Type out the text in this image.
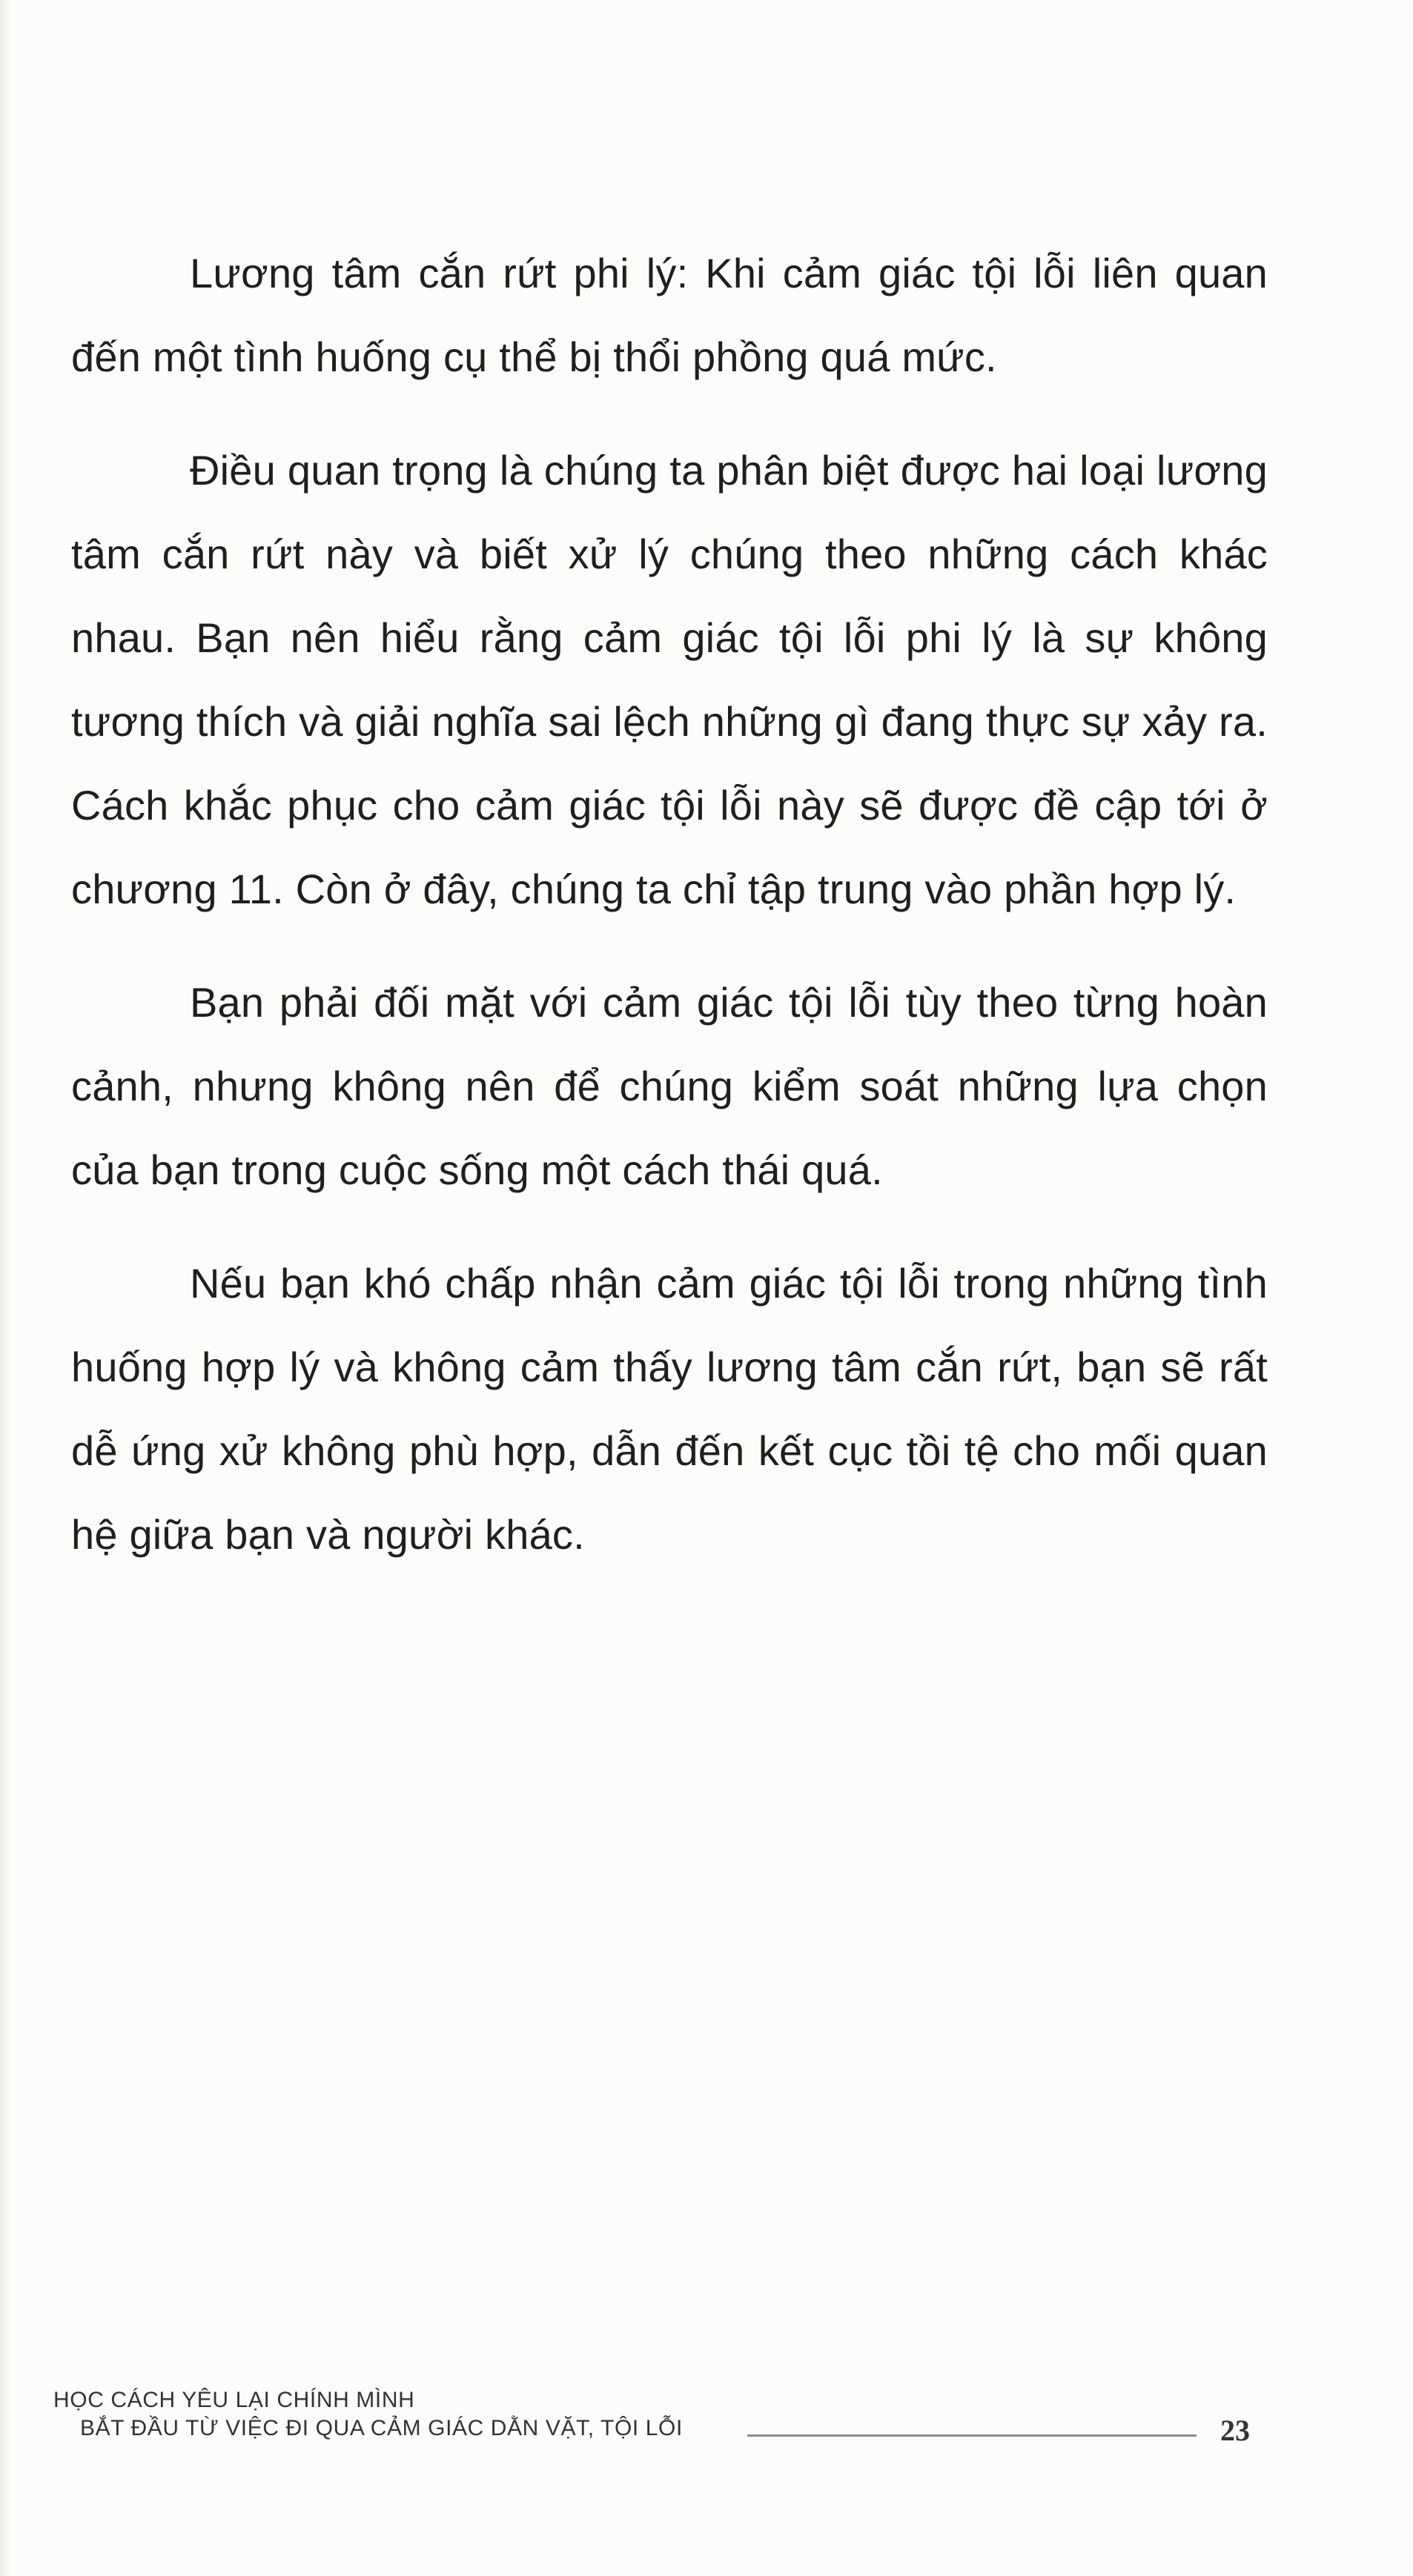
Lương tâm cắn rứt phi lý: Khi cảm giác tội lỗi liên quan đến một tình huống cụ thể bị thổi phồng quá mức.

Điều quan trọng là chúng ta phân biệt được hai loại lương tâm cắn rứt này và biết xử lý chúng theo những cách khác nhau. Bạn nên hiểu rằng cảm giác tội lỗi phi lý là sự không tương thích và giải nghĩa sai lệch những gì đang thực sự xảy ra. Cách khắc phục cho cảm giác tội lỗi này sẽ được đề cập tới ở chương 11. Còn ở đây, chúng ta chỉ tập trung vào phần hợp lý.

Bạn phải đối mặt với cảm giác tội lỗi tùy theo từng hoàn cảnh, nhưng không nên để chúng kiểm soát những lựa chọn của bạn trong cuộc sống một cách thái quá.

Nếu bạn khó chấp nhận cảm giác tội lỗi trong những tình huống hợp lý và không cảm thấy lương tâm cắn rứt, bạn sẽ rất dễ ứng xử không phù hợp, dẫn đến kết cục tồi tệ cho mối quan hệ giữa bạn và người khác.

HỌC CÁCH YÊU LẠI CHÍNH MÌNH
BẮT ĐẦU TỪ VIỆC ĐI QUA CẢM GIÁC DẰN VẶT, TỘI LỖI	23
